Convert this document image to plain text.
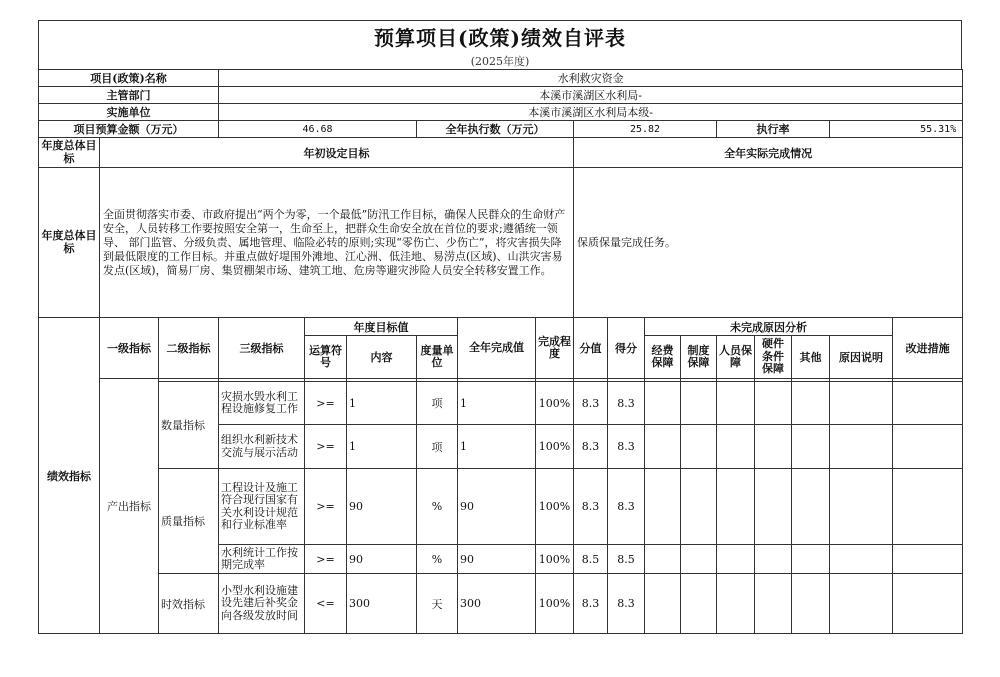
预算项目(政策)绩效自评表
(2025年度)
项目(政策)名称			水利救灾资金														
主管部门			本溪市溪湖区水利局-														
实施单位			本溪市溪湖区水利局本级-														
项目预算金额（万元）			46.68			全年执行数（万元）			25.82				执行率			55.31%	
年度总体目标	年初设定目标								全年实际完成情况								
年度总体目标	全面贯彻落实市委、市政府提出“两个为零，一个最低”防汛工作目标，确保人民群众的生命财产安全，人员转移工作要按照安全第一，生命至上，把群众生命安全放在首位的要求;遵循统一领导、 部门监管、分级负责、属地管理、临险必转的原则;实现“零伤亡、少伤亡”，将灾害损失降到最低限度的工作目标。并重点做好堤围外滩地、江心洲、低洼地、易涝点(区域)、山洪灾害易发点(区域)，简易厂房、集贸棚架市场、建筑工地、危房等避灾涉险人员安全转移安置工作。								保质保量完成任务。								
绩效指标	一级指标	二级指标	三级指标	年度目标值			全年完成值	完成程度	分值	得分	未完成原因分析						改进措施
				运算符号	内容	度量单位					经费保障	制度保障	人员保障	硬件条件保障	其他	原因说明	
	产出指标																
		数量指标	灾损水毁水利工程设施修复工作	>=	1	项	1	100%	8.3	8.3							
			组织水利新技术交流与展示活动	>=	1	项	1	100%	8.3	8.3							
		质量指标	工程设计及施工符合现行国家有关水利设计规范和行业标准率	>=	90	%	90	100%	8.3	8.3							
			水利统计工作按期完成率	>=	90	%	90	100%	8.5	8.5							
		时效指标	小型水利设施建设先建后补奖金向各级发放时间	<=	300	天	300	100%	8.3	8.3							
